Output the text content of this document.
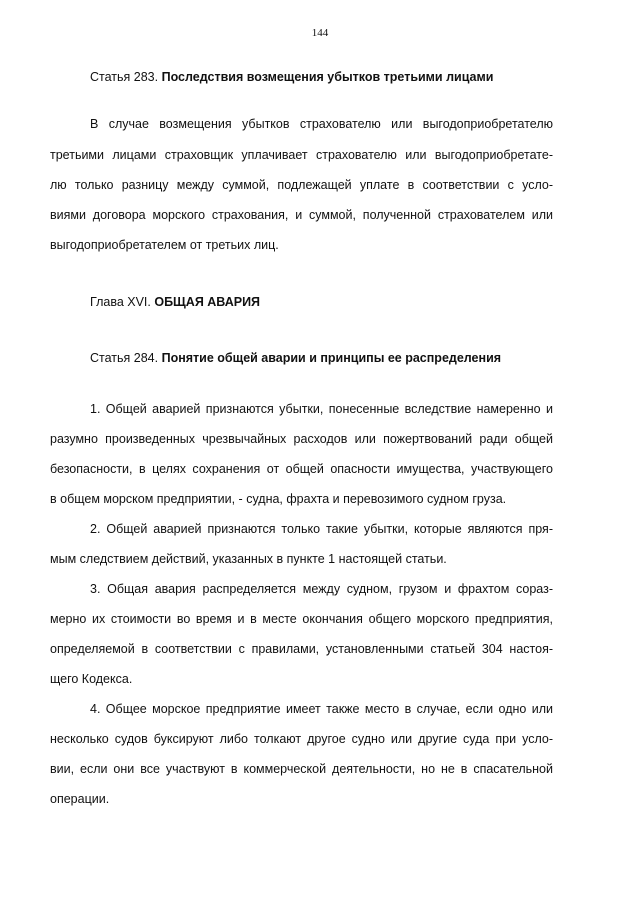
144
Статья 283. Последствия возмещения убытков третьими лицами
В случае возмещения убытков страхователю или выгодоприобретателю
третьими лицами страховщик уплачивает страхователю или выгодоприобретате-
лю только разницу между суммой, подлежащей уплате в соответствии с усло-
виями договора морского страхования, и суммой, полученной страхователем или
выгодоприобретателем от третьих лиц.
Глава XVI. ОБЩАЯ АВАРИЯ
Статья 284. Понятие общей аварии и принципы ее распределения
1. Общей аварией признаются убытки, понесенные вследствие намеренно и
разумно произведенных чрезвычайных расходов или пожертвований ради общей
безопасности, в целях сохранения от общей опасности имущества, участвующего
в общем морском предприятии, - судна, фрахта и перевозимого судном груза.
2. Общей аварией признаются только такие убытки, которые являются пря-
мым следствием действий, указанных в пункте 1 настоящей статьи.
3. Общая авария распределяется между судном, грузом и фрахтом сораз-
мерно их стоимости во время и в месте окончания общего морского предприятия,
определяемой в соответствии с правилами, установленными статьей 304 настоя-
щего Кодекса.
4. Общее морское предприятие имеет также место в случае, если одно или
несколько судов буксируют либо толкают другое судно или другие суда при усло-
вии, если они все участвуют в коммерческой деятельности, но не в спасательной
операции.
